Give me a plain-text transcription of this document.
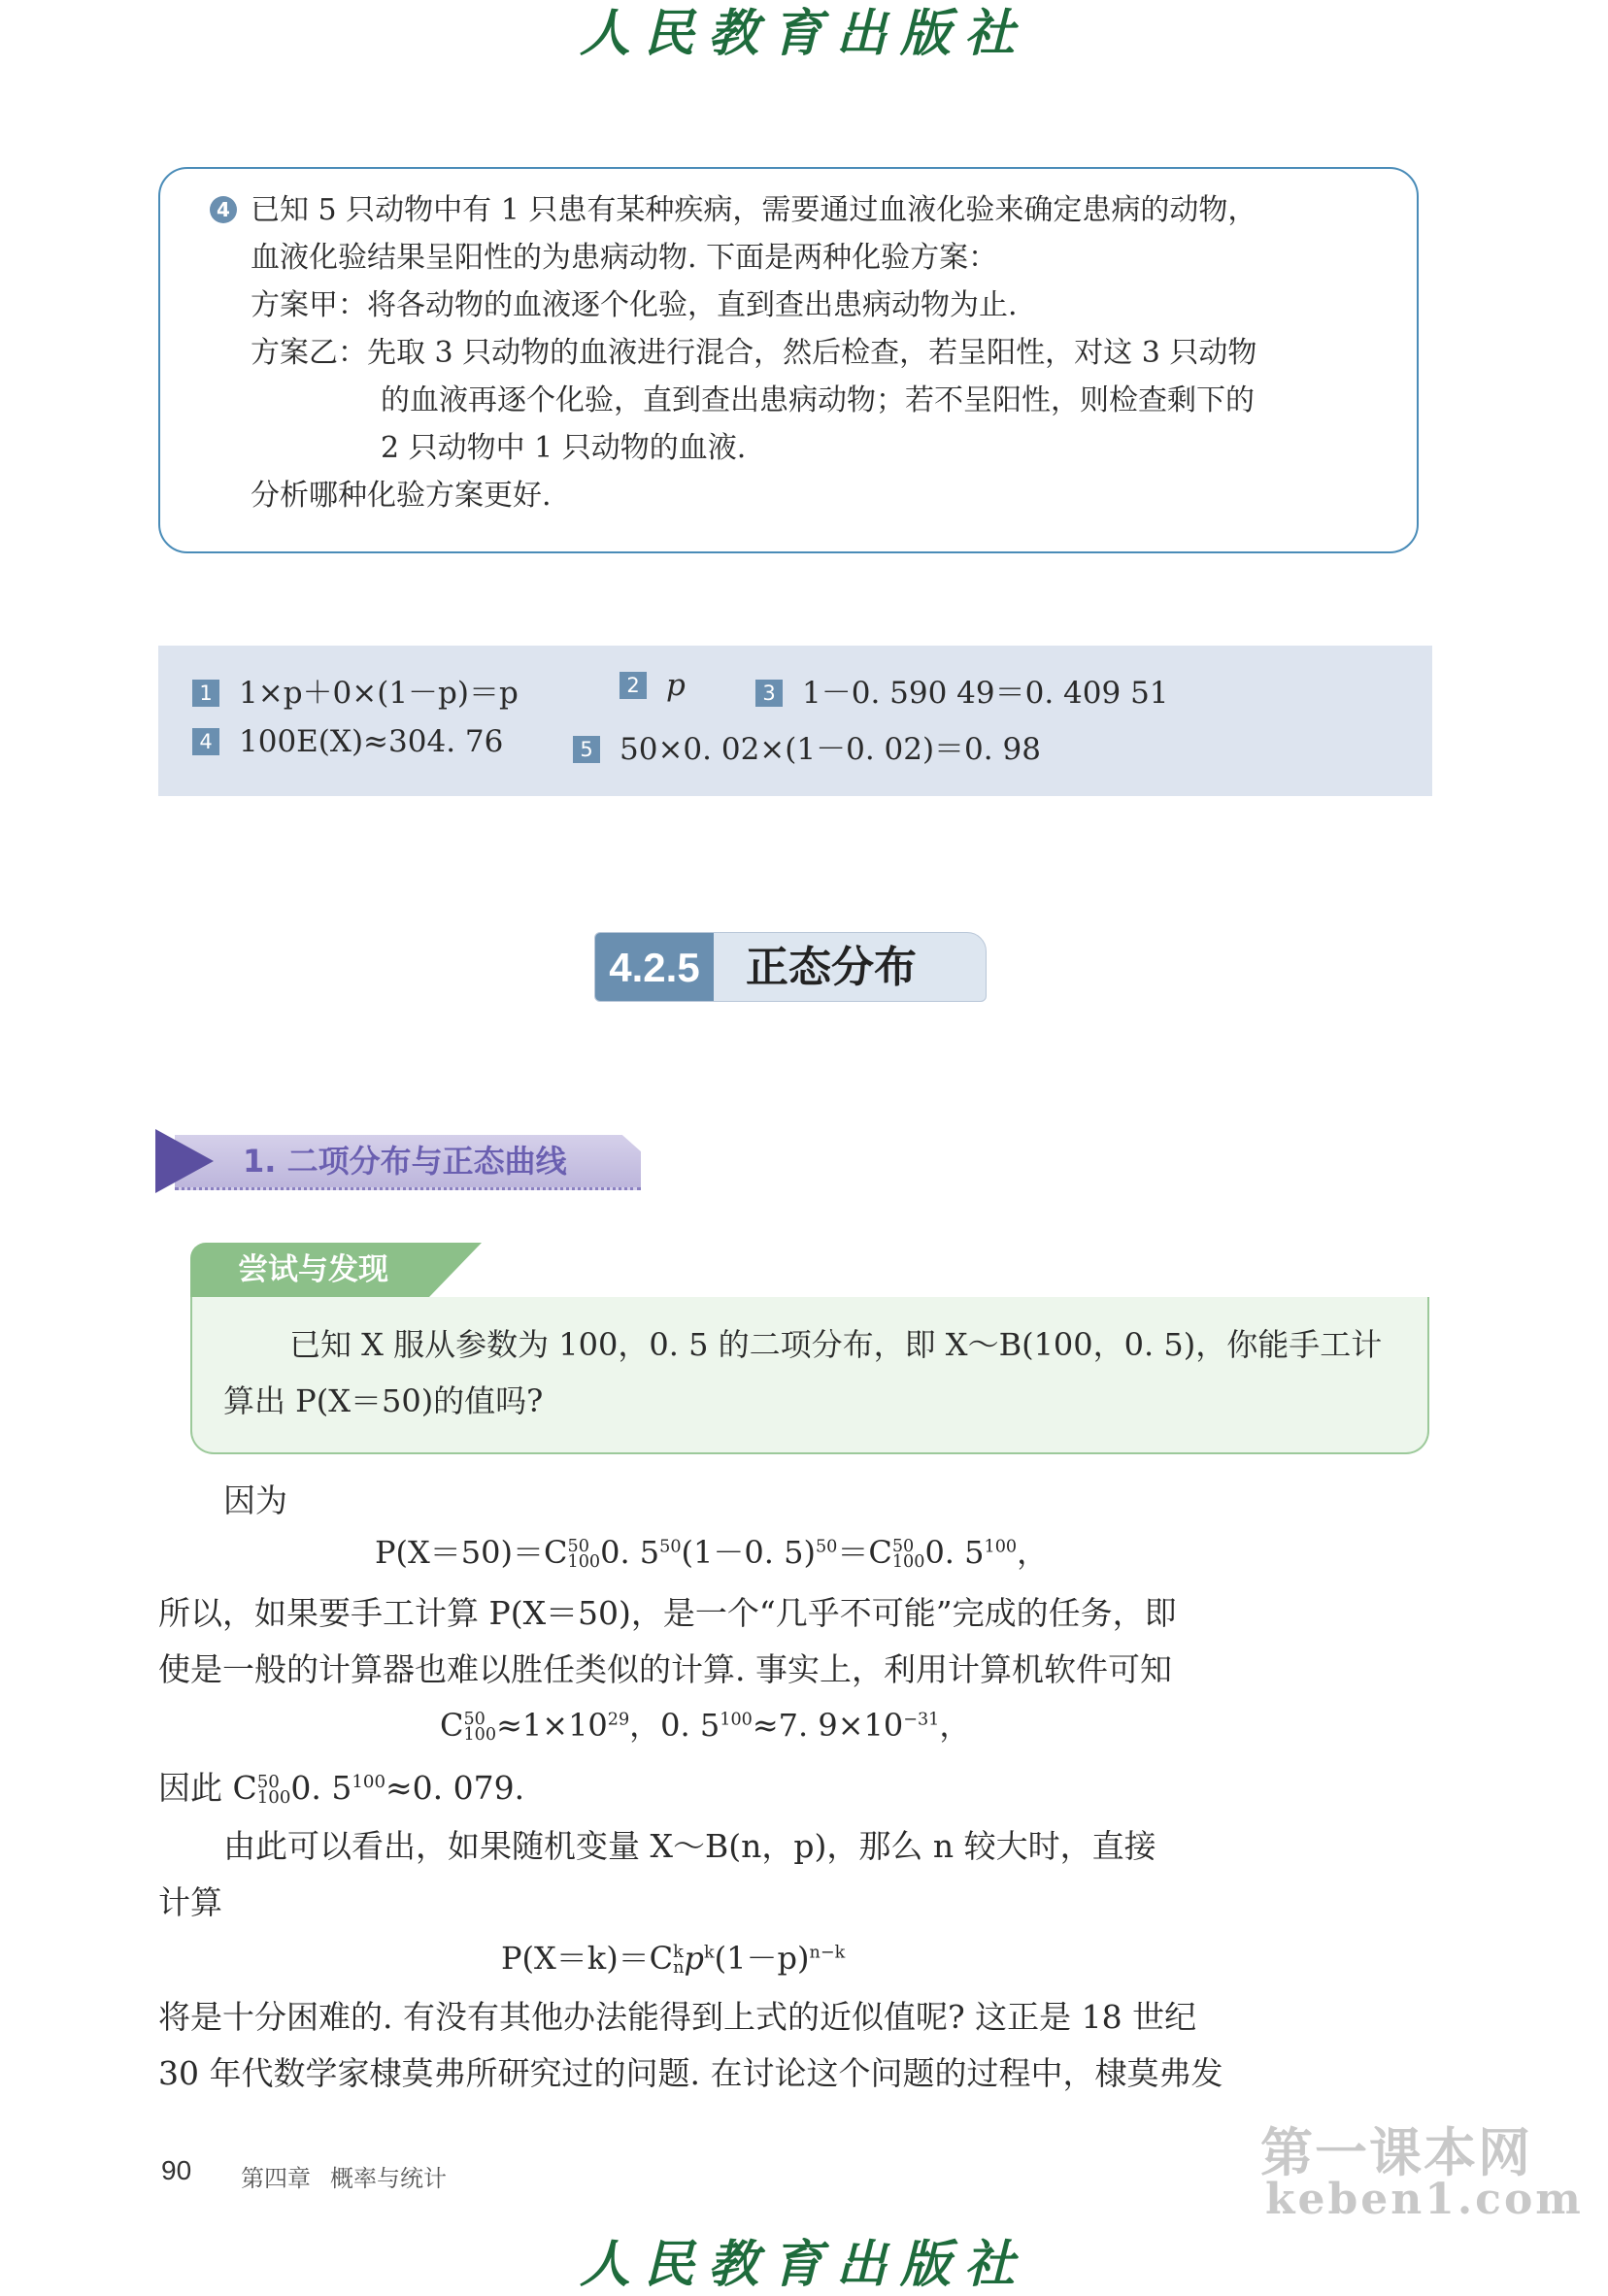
人民教育出版社
4 已知 5 只动物中有 1 只患有某种疾病，需要通过血液化验来确定患病的动物，
血液化验结果呈阳性的为患病动物. 下面是两种化验方案：
方案甲：将各动物的血液逐个化验，直到查出患病动物为止.
方案乙：先取 3 只动物的血液进行混合，然后检查，若呈阳性，对这 3 只动物
的血液再逐个化验，直到查出患病动物；若不呈阳性，则检查剩下的
2 只动物中 1 只动物的血液.
分析哪种化验方案更好.
1 1×p＋0×(1－p)＝p	2 p	3 1－0. 590 49＝0. 409 51
4 100E(X)≈304. 76	5 50×0. 02×(1－0. 02)＝0. 98
4.2.5	正态分布
1. 二项分布与正态曲线
尝试与发现
已知 X 服从参数为 100，0. 5 的二项分布，即 X～B(100，0. 5)，你能手工计
算出 P(X＝50)的值吗?
因为
P(X＝50)＝C50
1000. $5^{50}(1-0$. 5)$^{50}$＝C50
1000. $5^{100}$，
所以，如果要手工计算 P(X＝50)，是一个“几乎不可能”完成的任务，即
使是一般的计算器也难以胜任类似的计算. 事实上，利用计算机软件可知
C50
$100\approx 1\times 10^{29}$，0. $5^{100}\approx 7$. $9\times 10^{-31}$，
因此 C50
1000. $5^{100}\approx 0$. 079.
由此可以看出，如果随机变量 X～B(n，p)，那么 n 较大时，直接
计算
P(X＝k)＝Ck
$np^k(1-p)^{n-k}$
将是十分困难的. 有没有其他办法能得到上式的近似值呢? 这正是 18 世纪
30 年代数学家棣莫弗所研究过的问题. 在讨论这个问题的过程中，棣莫弗发
90 第四章 概率与统计	第一课本网
keben1.com
人民教育出版社
